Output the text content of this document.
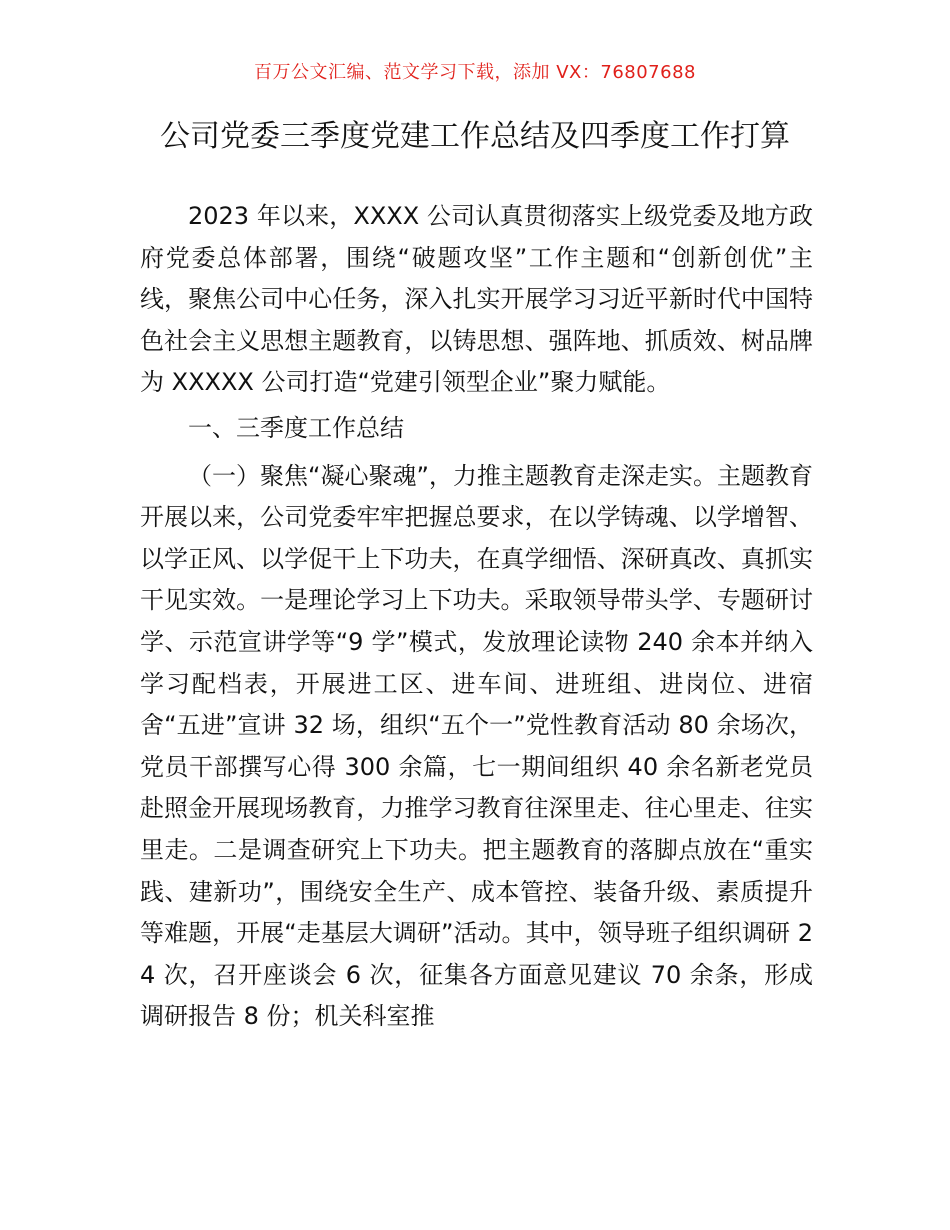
百万公文汇编、范文学习下载，添加 VX：76807688
公司党委三季度党建工作总结及四季度工作打算

2023 年以来，XXXX 公司认真贯彻落实上级党委及地方政府党委总体部署，围绕“破题攻坚”工作主题和“创新创优”主线，聚焦公司中心任务，深入扎实开展学习习近平新时代中国特色社会主义思想主题教育，以铸思想、强阵地、抓质效、树品牌为 XXXXX 公司打造“党建引领型企业”聚力赋能。

一、三季度工作总结

（一）聚焦“凝心聚魂”，力推主题教育走深走实。主题教育开展以来，公司党委牢牢把握总要求，在以学铸魂、以学增智、以学正风、以学促干上下功夫，在真学细悟、深研真改、真抓实干见实效。一是理论学习上下功夫。采取领导带头学、专题研讨学、示范宣讲学等“9 学”模式，发放理论读物 240 余本并纳入学习配档表，开展进工区、进车间、进班组、进岗位、进宿舍“五进”宣讲 32 场，组织“五个一”党性教育活动 80 余场次，党员干部撰写心得 300 余篇，七一期间组织 40 余名新老党员赴照金开展现场教育，力推学习教育往深里走、往心里走、往实里走。二是调查研究上下功夫。把主题教育的落脚点放在“重实践、建新功”，围绕安全生产、成本管控、装备升级、素质提升等难题，开展“走基层大调研”活动。其中，领导班子组织调研 24 次，召开座谈会 6 次，征集各方面意见建议 70 余条，形成调研报告 8 份；机关科室推
